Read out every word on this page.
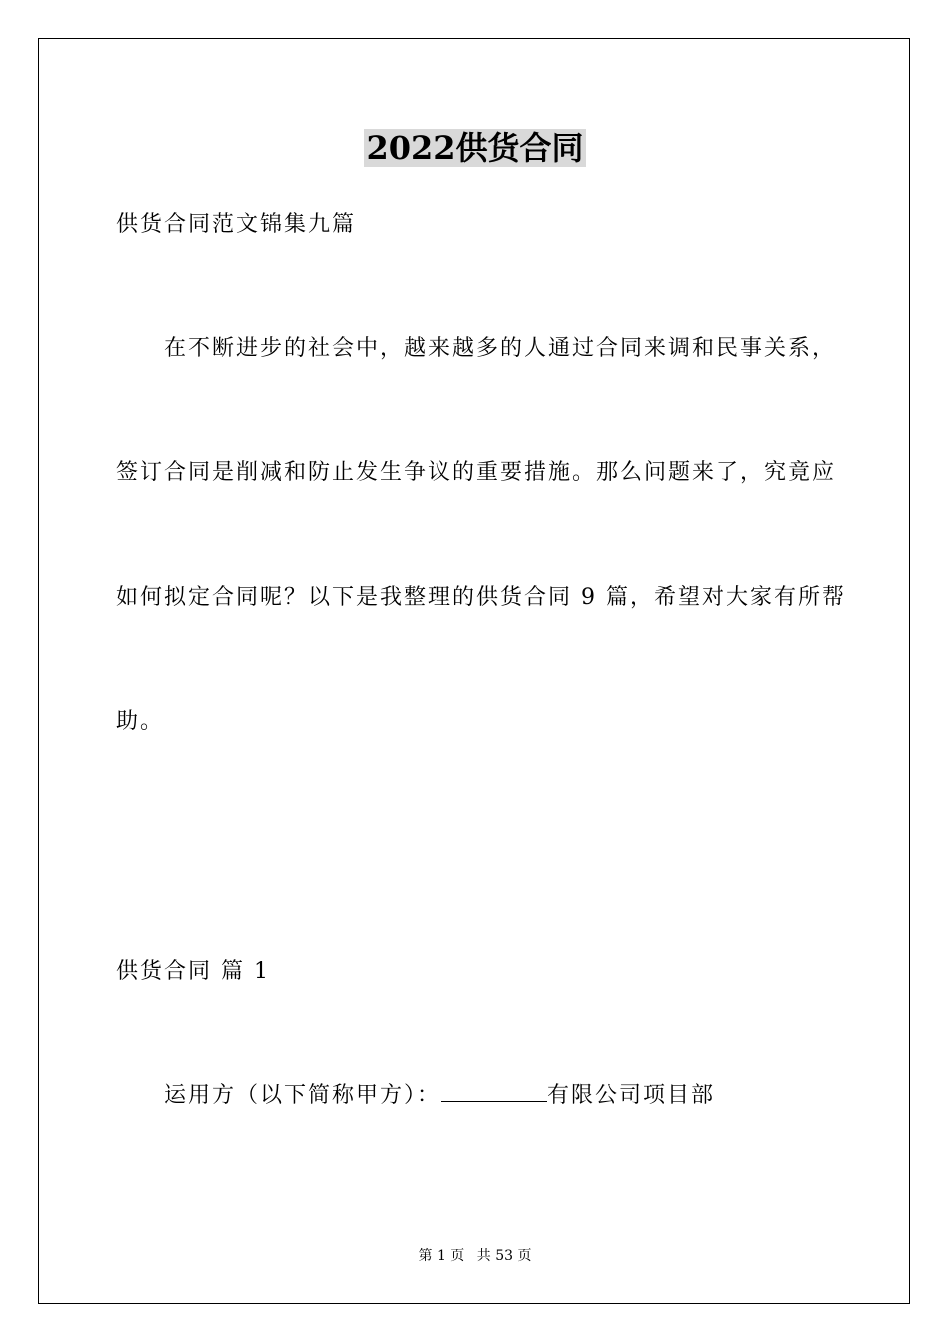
2022供货合同
供货合同范文锦集九篇
在不断进步的社会中，越来越多的人通过合同来调和民事关系，
签订合同是削减和防止发生争议的重要措施。那么问题来了，究竟应
如何拟定合同呢？以下是我整理的供货合同 9 篇，希望对大家有所帮
助。
供货合同 篇 1
运用方（以下简称甲方）：	有限公司项目部
第 1 页 共 53 页
